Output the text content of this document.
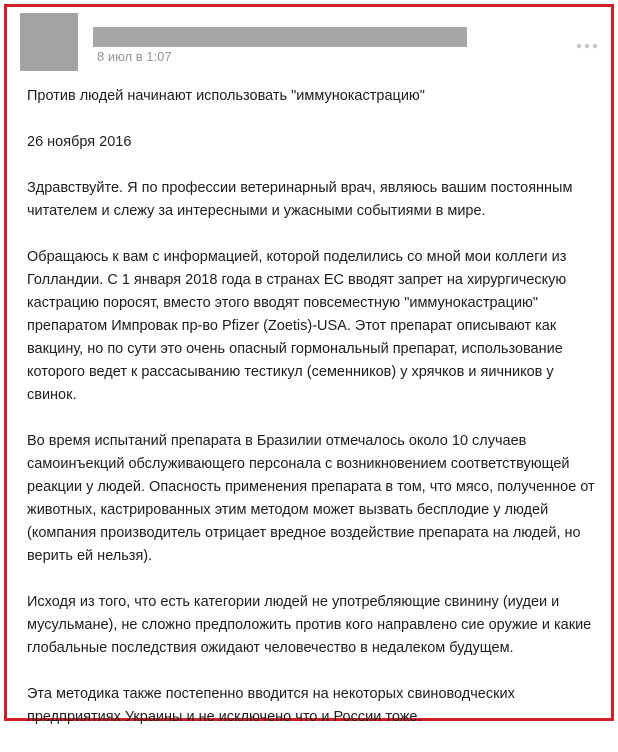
8 июл в 1:07

Против людей начинают использовать "иммунокастрацию"

26 ноября 2016

Здравствуйте. Я по профессии ветеринарный врач, являюсь вашим постоянным читателем и слежу за интересными и ужасными событиями в мире.

Обращаюсь к вам с информацией, которой поделились со мной мои коллеги из Голландии. С 1 января 2018 года в странах ЕС вводят запрет на хирургическую кастрацию поросят, вместо этого вводят повсеместную "иммунокастрацию" препаратом Импровак пр-во Pfizer (Zoetis)-USA. Этот препарат описывают как вакцину, но по сути это очень опасный гормональный препарат, использование которого ведет к рассасыванию тестикул (семенников) у хрячков и яичников у свинок.

Во время испытаний препарата в Бразилии отмечалось около 10 случаев самоинъекций обслуживающего персонала с возникновением соответствующей реакции у людей. Опасность применения препарата в том, что мясо, полученное от животных, кастрированных этим методом может вызвать бесплодие у людей (компания производитель отрицает вредное воздействие препарата на людей, но верить ей нельзя).

Исходя из того, что есть категории людей не употребляющие свинину (иудеи и мусульмане), не сложно предположить против кого направлено сие оружие и какие глобальные последствия ожидают человечество в недалеком будущем.

Эта методика также постепенно вводится на некоторых свиноводческих предприятиях Украины и не исключено что и России тоже.
